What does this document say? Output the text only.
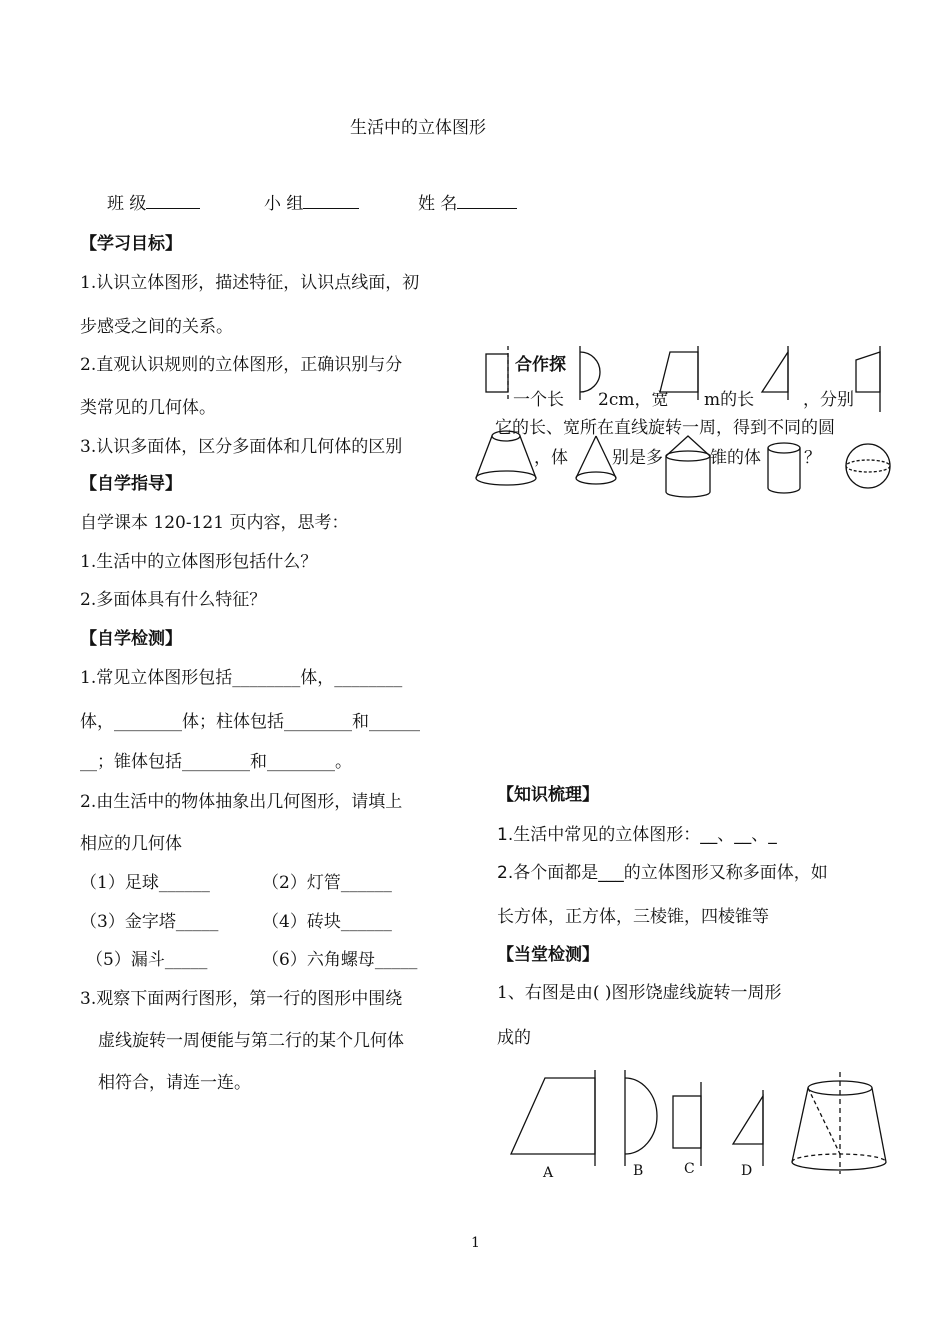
生活中的立体图形
班 级	小 组	姓 名
【学习目标】
1.认识立体图形，描述特征，认识点线面，初
步感受之间的关系。
2.直观认识规则的立体图形，正确识别与分
类常见的几何体。
3.认识多面体，区分多面体和几何体的区别
【自学指导】
自学课本 120-121 页内容，思考：
1.生活中的立体图形包括什么？
2.多面体具有什么特征？
【自学检测】
1.常见立体图形包括________体，________
体，________体；柱体包括________和______
__；锥体包括________和________。
2.由生活中的物体抽象出几何图形，请填上
相应的几何体
（1）足球______	（2）灯管______
（3）金字塔_____	（4）砖块______
（5）漏斗_____	（6）六角螺母_____
3.观察下面两行图形，第一行的图形中围绕
虚线旋转一周便能与第二行的某个几何体
相符合，请连一连。
合作探
一个长 2cm，宽 m的长	，分别
它的长、宽所在直线旋转一周，得到不同的圆
，体	别是多	锥的体	？
【知识梳理】
1.生活中常见的立体图形：__、__、_
2.各个面都是___的立体图形又称多面体，如
长方体，正方体，三棱锥，四棱锥等
【当堂检测】
1、右图是由( )图形饶虚线旋转一周形
成的
A	B	C	D
1
